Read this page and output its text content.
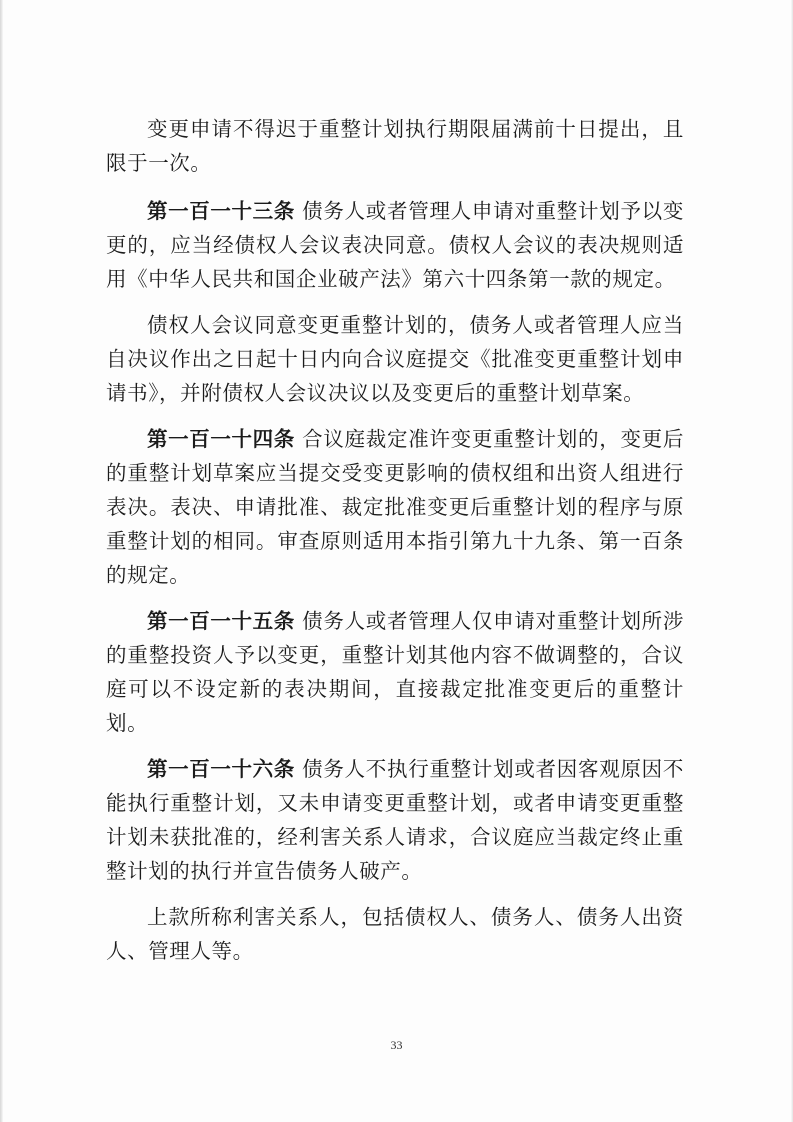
变更申请不得迟于重整计划执行期限届满前十日提出，且限于一次。

第一百一十三条 债务人或者管理人申请对重整计划予以变更的，应当经债权人会议表决同意。债权人会议的表决规则适用《中华人民共和国企业破产法》第六十四条第一款的规定。

债权人会议同意变更重整计划的，债务人或者管理人应当自决议作出之日起十日内向合议庭提交《批准变更重整计划申请书》，并附债权人会议决议以及变更后的重整计划草案。

第一百一十四条 合议庭裁定准许变更重整计划的，变更后的重整计划草案应当提交受变更影响的债权组和出资人组进行表决。表决、申请批准、裁定批准变更后重整计划的程序与原重整计划的相同。审查原则适用本指引第九十九条、第一百条的规定。

第一百一十五条 债务人或者管理人仅申请对重整计划所涉的重整投资人予以变更，重整计划其他内容不做调整的，合议庭可以不设定新的表决期间，直接裁定批准变更后的重整计划。

第一百一十六条 债务人不执行重整计划或者因客观原因不能执行重整计划，又未申请变更重整计划，或者申请变更重整计划未获批准的，经利害关系人请求，合议庭应当裁定终止重整计划的执行并宣告债务人破产。

上款所称利害关系人，包括债权人、债务人、债务人出资人、管理人等。

33
